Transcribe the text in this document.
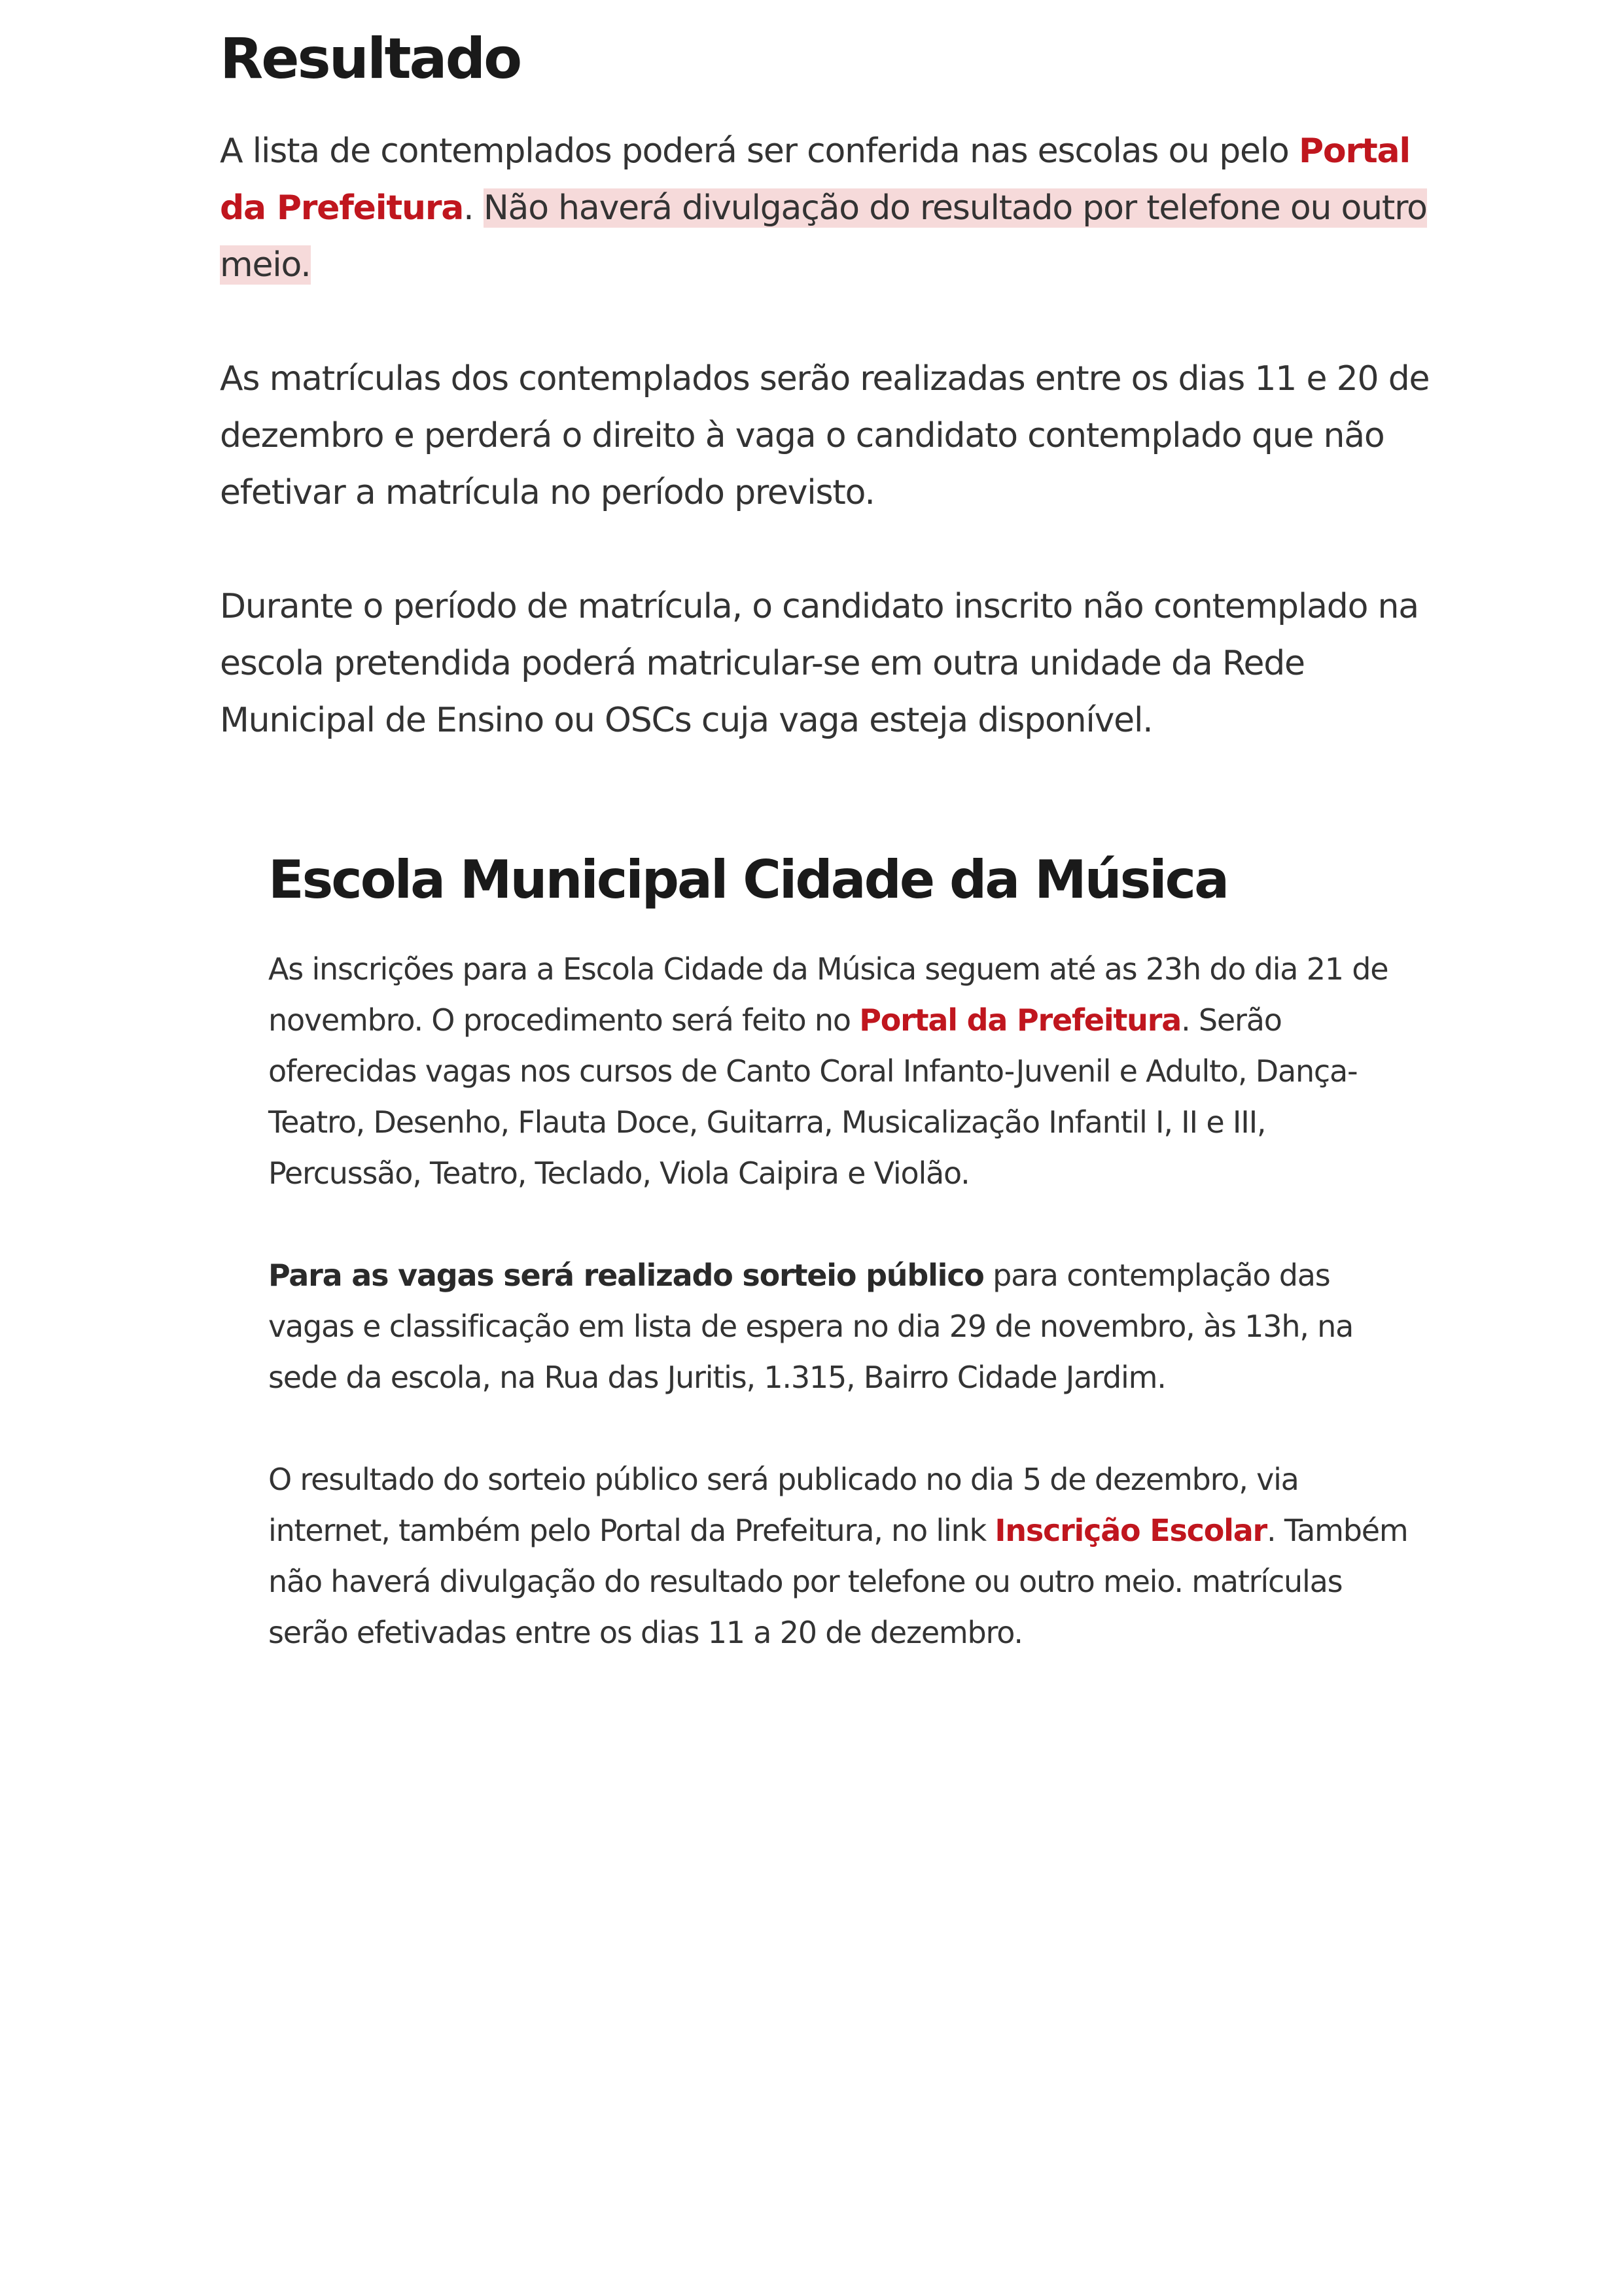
Resultado

A lista de contemplados poderá ser conferida nas escolas ou pelo Portal da Prefeitura. Não haverá divulgação do resultado por telefone ou outro meio.

As matrículas dos contemplados serão realizadas entre os dias 11 e 20 de dezembro e perderá o direito à vaga o candidato contemplado que não efetivar a matrícula no período previsto.

Durante o período de matrícula, o candidato inscrito não contemplado na escola pretendida poderá matricular-se em outra unidade da Rede Municipal de Ensino ou OSCs cuja vaga esteja disponível.

Escola Municipal Cidade da Música

As inscrições para a Escola Cidade da Música seguem até as 23h do dia 21 de novembro. O procedimento será feito no Portal da Prefeitura. Serão oferecidas vagas nos cursos de Canto Coral Infanto-Juvenil e Adulto, Dança-Teatro, Desenho, Flauta Doce, Guitarra, Musicalização Infantil I, II e III, Percussão, Teatro, Teclado, Viola Caipira e Violão.

Para as vagas será realizado sorteio público para contemplação das vagas e classificação em lista de espera no dia 29 de novembro, às 13h, na sede da escola, na Rua das Juritis, 1.315, Bairro Cidade Jardim.

O resultado do sorteio público será publicado no dia 5 de dezembro, via internet, também pelo Portal da Prefeitura, no link Inscrição Escolar. Também não haverá divulgação do resultado por telefone ou outro meio. matrículas serão efetivadas entre os dias 11 a 20 de dezembro.
